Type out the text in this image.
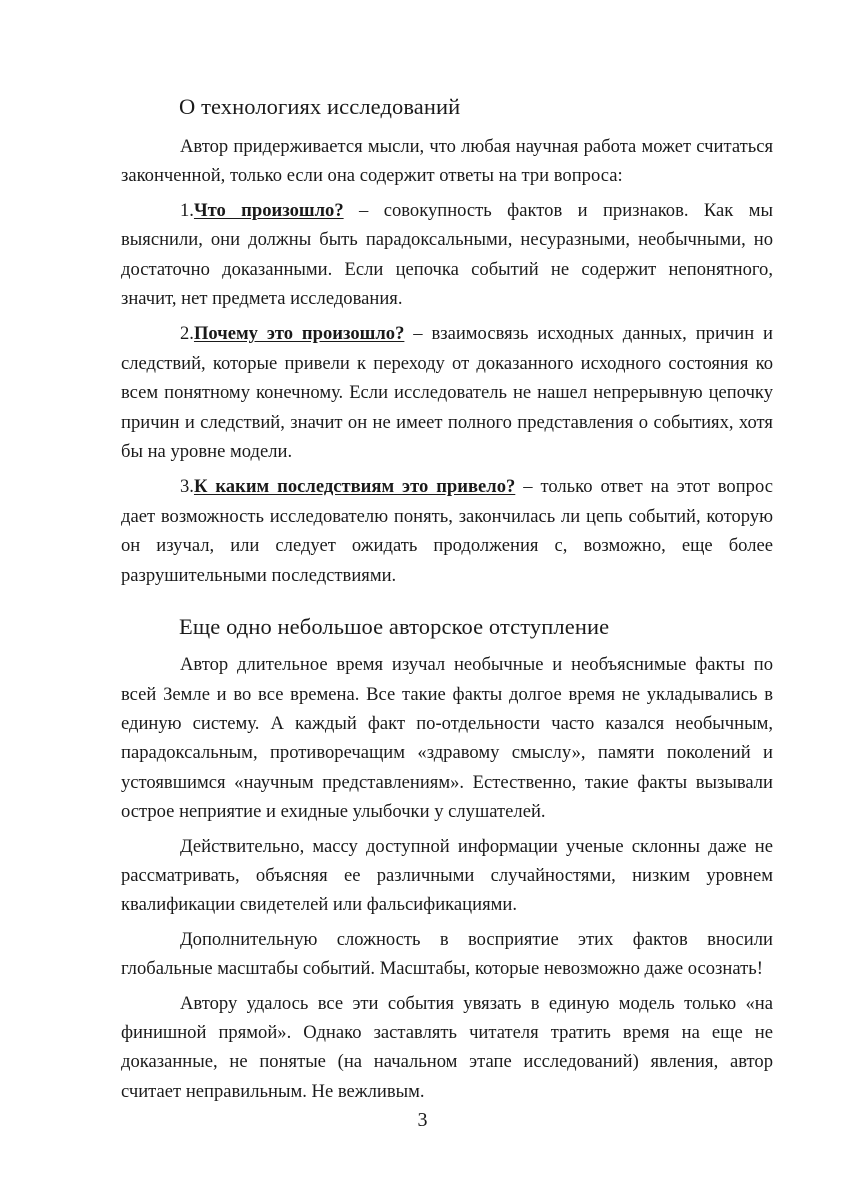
О технологиях исследований

Автор придерживается мысли, что любая научная работа может считаться законченной, только если она содержит ответы на три вопроса:

1.Что произошло? – совокупность фактов и признаков. Как мы выяснили, они должны быть парадоксальными, несуразными, необычными, но достаточно доказанными. Если цепочка событий не содержит непонятного, значит, нет предмета исследования.

2.Почему это произошло? – взаимосвязь исходных данных, причин и следствий, которые привели к переходу от доказанного исходного состояния ко всем понятному конечному. Если исследователь не нашел непрерывную цепочку причин и следствий, значит он не имеет полного представления о событиях, хотя бы на уровне модели.

3.К каким последствиям это привело? – только ответ на этот вопрос дает возможность исследователю понять, закончилась ли цепь событий, которую он изучал, или следует ожидать продолжения с, возможно, еще более разрушительными последствиями.

Еще одно небольшое авторское отступление

Автор длительное время изучал необычные и необъяснимые факты по всей Земле и во все времена. Все такие факты долгое время не укладывались в единую систему. А каждый факт по-отдельности часто казался необычным, парадоксальным, противоречащим «здравому смыслу», памяти поколений и устоявшимся «научным представлениям». Естественно, такие факты вызывали острое неприятие и ехидные улыбочки у слушателей.

Действительно, массу доступной информации ученые склонны даже не рассматривать, объясняя ее различными случайностями, низким уровнем квалификации свидетелей или фальсификациями.

Дополнительную сложность в восприятие этих фактов вносили глобальные масштабы событий. Масштабы, которые невозможно даже осознать!

Автору удалось все эти события увязать в единую модель только «на финишной прямой». Однако заставлять читателя тратить время на еще не доказанные, не понятые (на начальном этапе исследований) явления, автор считает неправильным. Не вежливым.

3
